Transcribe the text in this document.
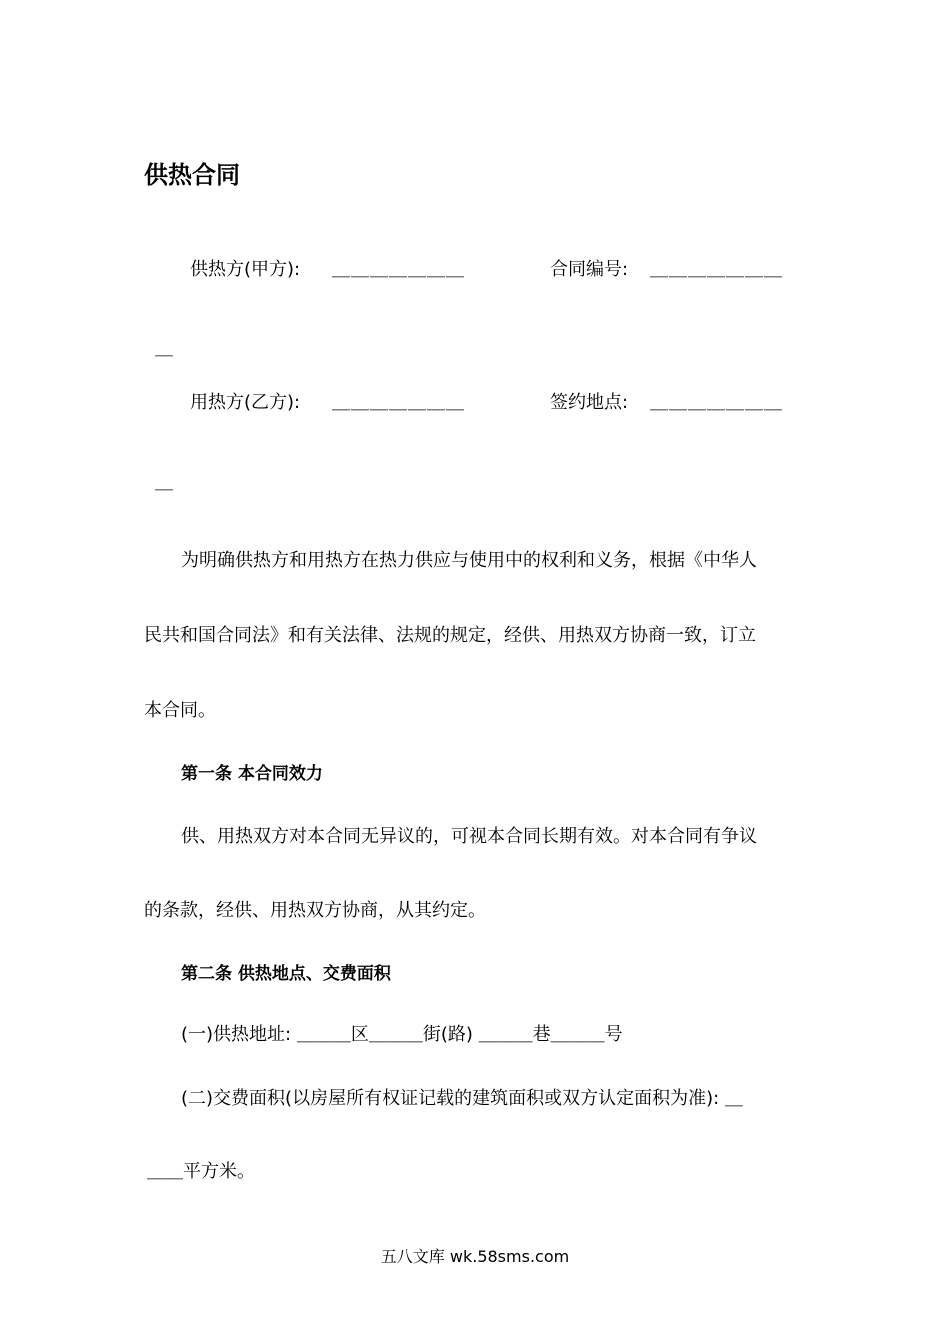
供热合同
供热方(甲方): ＿＿＿＿＿＿＿	合同编号: ＿＿＿＿＿＿＿
＿
用热方(乙方): ＿＿＿＿＿＿＿	签约地点: ＿＿＿＿＿＿＿
＿
为明确供热方和用热方在热力供应与使用中的权利和义务，根据《中华人
民共和国合同法》和有关法律、法规的规定，经供、用热双方协商一致，订立
本合同。
第一条 本合同效力
供、用热双方对本合同无异议的，可视本合同长期有效。对本合同有争议
的条款，经供、用热双方协商，从其约定。
第二条 供热地点、交费面积
(一)供热地址: ＿＿＿区＿＿＿街(路) ＿＿＿巷＿＿＿号
(二)交费面积(以房屋所有权证记载的建筑面积或双方认定面积为准): ＿
＿＿平方米。
五八文库 wk.58sms.com
